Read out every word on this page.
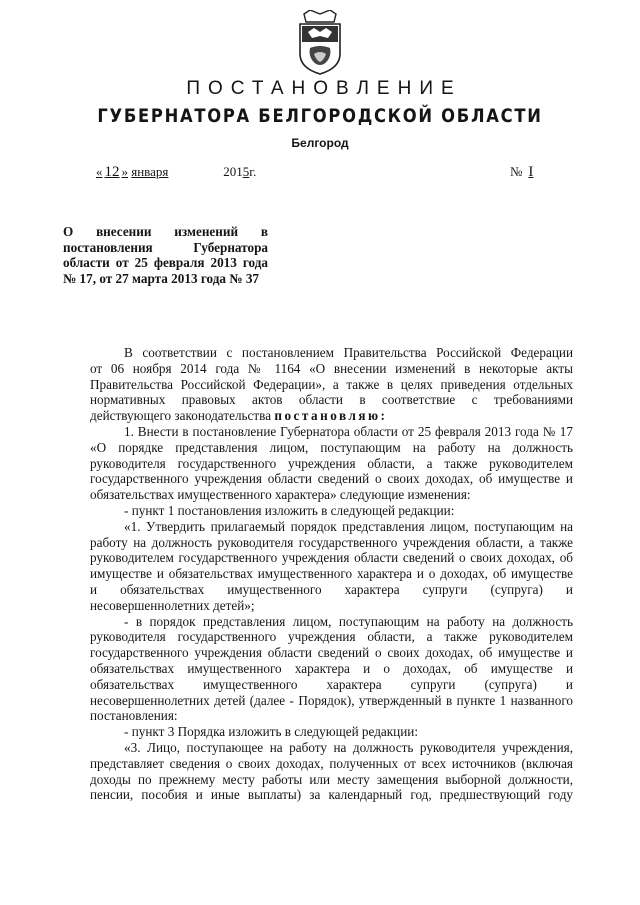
ПОСТАНОВЛЕНИЕ
ГУБЕРНАТОРА БЕЛГОРОДСКОЙ ОБЛАСТИ
Белгород
« 12 » января	2015г.	№ I
О внесении изменений в
постановления Губернатора
области от 25 февраля 2013 года
№ 17, от 27 марта 2013 года № 37
В соответствии с постановлением Правительства Российской Федерации
от 06 ноября 2014 года № 1164 «О внесении изменений в некоторые акты
Правительства Российской Федерации», а также в целях приведения отдельных
нормативных правовых актов области в соответствие с требованиями
действующего законодательства постановляю:
1. Внести в постановление Губернатора области от 25 февраля 2013 года № 17
«О порядке представления лицом, поступающим на работу на должность
руководителя государственного учреждения области, а также руководителем
государственного учреждения области сведений о своих доходах, об имуществе и
обязательствах имущественного характера» следующие изменения:
- пункт 1 постановления изложить в следующей редакции:
«1. Утвердить прилагаемый порядок представления лицом, поступающим на
работу на должность руководителя государственного учреждения области, а также
руководителем государственного учреждения области сведений о своих доходах, об
имуществе и обязательствах имущественного характера и о доходах, об имуществе
и обязательствах имущественного характера супруги (супруга) и
несовершеннолетних детей»;
- в порядок представления лицом, поступающим на работу на должность
руководителя государственного учреждения области, а также руководителем
государственного учреждения области сведений о своих доходах, об имуществе и
обязательствах имущественного характера и о доходах, об имуществе и
обязательствах имущественного характера супруги (супруга) и
несовершеннолетних детей (далее - Порядок), утвержденный в пункте 1 названного
постановления:
- пункт 3 Порядка изложить в следующей редакции:
«3. Лицо, поступающее на работу на должность руководителя учреждения,
представляет сведения о своих доходах, полученных от всех источников (включая
доходы по прежнему месту работы или месту замещения выборной должности,
пенсии, пособия и иные выплаты) за календарный год, предшествующий году
